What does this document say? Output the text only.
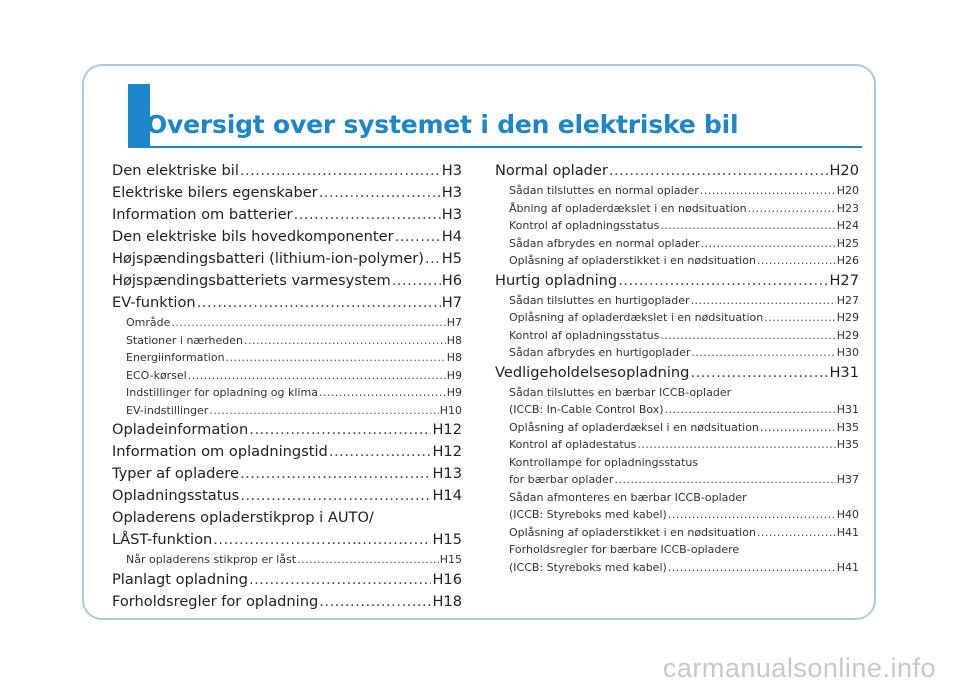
Oversigt over systemet i den elektriske bil
Den elektriske bil .....	H3
Elektriske bilers egenskaber .....	H3
Information om batterier .....	H3
Den elektriske bils hovedkomponenter .....	H4
Højspændingsbatteri (lithium-ion-polymer) ..... H5
Højspændingsbatteriets varmesystem .....	H6
EV-funktion .....	H7
Område .....	H7
Stationer i nærheden .....	H8
Energiinformation .....	H8
ECO-kørsel .....	H9
Indstillinger for opladning og klima .....	H9
EV-indstillinger .....	H10
Opladeinformation .....	H12
Information om opladningstid .....	H12
Typer af opladere .....	H13
Opladningsstatus .....	H14
Opladerens opladerstikprop i AUTO/
LÅST-funktion .....	H15
Når opladerens stikprop er låst .....	H15
Planlagt opladning .....	H16
Forholdsregler for opladning .....	H18
Normal oplader .....	H20
Sådan tilsluttes en normal oplader .....	H20
Åbning af opladerdækslet i en nødsituation .....	H23
Kontrol af opladningsstatus .....	H24
Sådan afbrydes en normal oplader .....	H25
Oplåsning af opladerstikket i en nødsituation .....	H26
Hurtig opladning .....	H27
Sådan tilsluttes en hurtigoplader .....	H27
Oplåsning af opladerdækslet i en nødsituation .....	H29
Kontrol af opladningsstatus .....	H29
Sådan afbrydes en hurtigoplader .....	H30
Vedligeholdelsesopladning .....	H31
Sådan tilsluttes en bærbar ICCB-oplader
(ICCB: In-Cable Control Box) .....	H31
Oplåsning af opladerdæksel i en nødsituation .....	H35
Kontrol af opladestatus .....	H35
Kontrollampe for opladningsstatus
for bærbar oplader .....	H37
Sådan afmonteres en bærbar ICCB-oplader
(ICCB: Styreboks med kabel) .....	H40
Oplåsning af opladerstikket i en nødsituation .....	H41
Forholdsregler for bærbare ICCB-opladere
(ICCB: Styreboks med kabel) .....	H41
carmanualsonline.info
